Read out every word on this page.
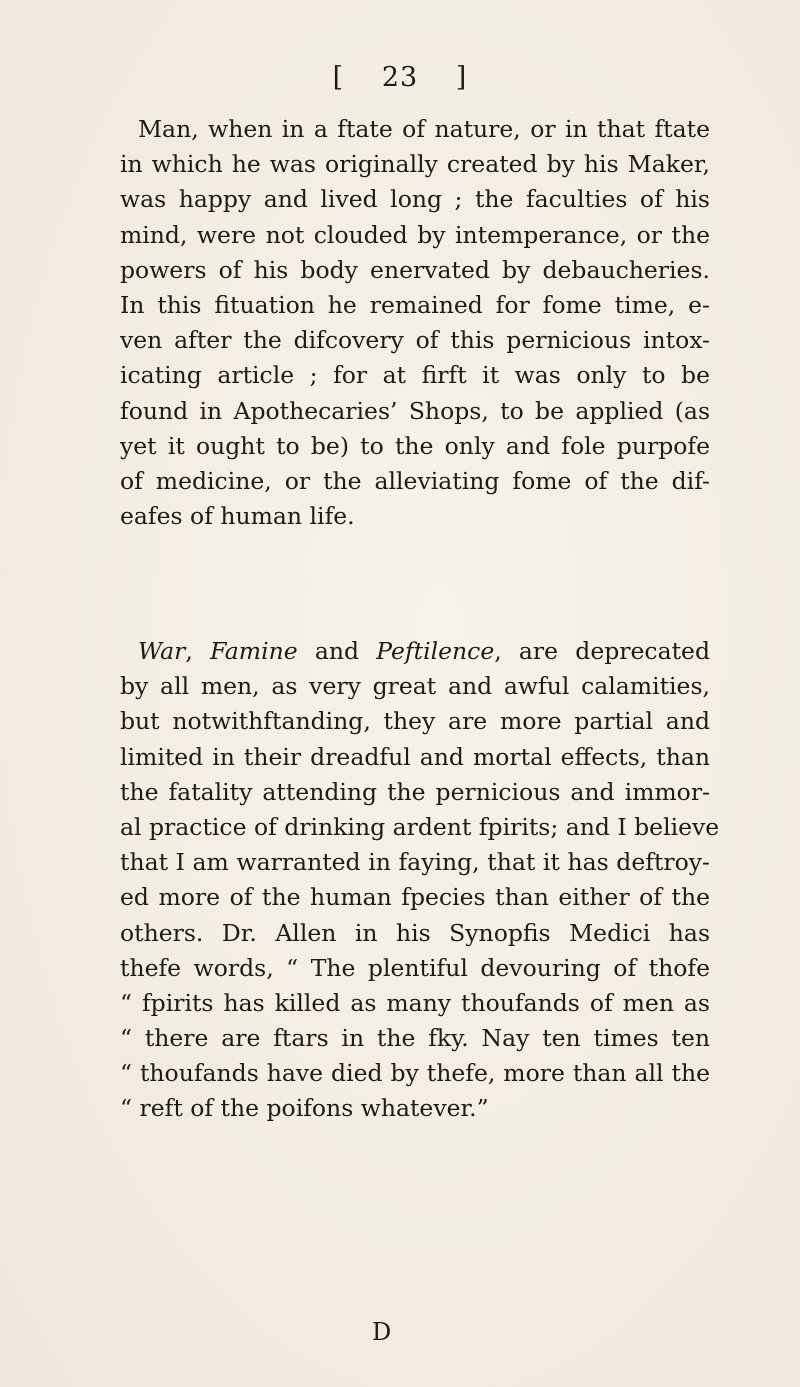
[ 23 ]
Man, when in a ftate of nature, or in that ftate
in which he was originally created by his Maker,
was happy and lived long ; the faculties of his
mind, were not clouded by intemperance, or the
powers of his body enervated by debaucheries.
In this fituation he remained for fome time, e-
ven after the difcovery of this pernicious intox-
icating article ; for at firft it was only to be
found in Apothecaries’ Shops, to be applied (as
yet it ought to be) to the only and fole purpofe
of medicine, or the alleviating fome of the dif-
eafes of human life.
War, Famine and Peftilence, are deprecated
by all men, as very great and awful calamities,
but notwithftanding, they are more partial and
limited in their dreadful and mortal effects, than
the fatality attending the pernicious and immor-
al practice of drinking ardent fpirits; and I believe
that I am warranted in faying, that it has deftroy-
ed more of the human fpecies than either of the
others. Dr. Allen in his Synopfis Medici has
thefe words, “ The plentiful devouring of thofe
“ fpirits has killed as many thoufands of men as
“ there are ftars in the fky. Nay ten times ten
“ thoufands have died by thefe, more than all the
“ reft of the poifons whatever.”
D
